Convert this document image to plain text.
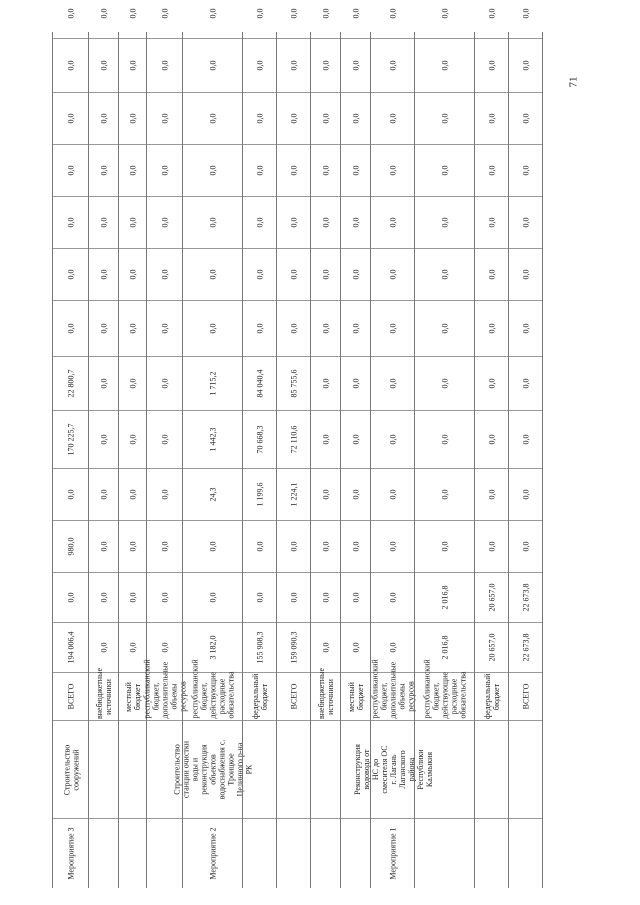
Мероприятие 3
Строительство сооружений
ВСЕГО
194 006,4
0,0
980,0
0,0
170 225,7
22 800,7
0,0
0,0
0,0
0,0
0,0
0,0
0,0
внебюджетные источники
0,0
0,0
0,0
0,0
0,0
0,0
0,0
0,0
0,0
0,0
0,0
0,0
0,0
местный бюджет
0,0
0,0
0,0
0,0
0,0
0,0
0,0
0,0
0,0
0,0
0,0
0,0
0,0
республиканский бюджет, дополнительные объемы ресурсов
0,0
0,0
0,0
0,0
0,0
0,0
0,0
0,0
0,0
0,0
0,0
0,0
0,0
Мероприятие 2
Строительство станции очистки воды и реконструкция объектов водоснабжения с. Троицкое Целинного р-на РК
республиканский бюджет, действующие расходные обязательства
3 182,0
0,0
0,0
24,3
1 442,3
1 715,2
0,0
0,0
0,0
0,0
0,0
0,0
0,0
федеральный бюджет
155 908,3
0,0
0,0
1 199,6
70 668,3
84 040,4
0,0
0,0
0,0
0,0
0,0
0,0
0,0
ВСЕГО
159 090,3
0,0
0,0
1 224,1
72 110,6
85 755,6
0,0
0,0
0,0
0,0
0,0
0,0
0,0
внебюджетные источники
0,0
0,0
0,0
0,0
0,0
0,0
0,0
0,0
0,0
0,0
0,0
0,0
0,0
местный бюджет
0,0
0,0
0,0
0,0
0,0
0,0
0,0
0,0
0,0
0,0
0,0
0,0
0,0
Мероприятие 1
Реконструкция водовода от НС до смесителя ОС г. Лагань Лаганского района Республики Калмыкия
республиканский бюджет, дополнительные объемы ресурсов
0,0
0,0
0,0
0,0
0,0
0,0
0,0
0,0
0,0
0,0
0,0
0,0
0,0
республиканский бюджет, действующие расходные обязательства
2 016,8
2 016,8
0,0
0,0
0,0
0,0
0,0
0,0
0,0
0,0
0,0
0,0
0,0
федеральный бюджет
20 657,0
20 657,0
0,0
0,0
0,0
0,0
0,0
0,0
0,0
0,0
0,0
0,0
0,0
ВСЕГО
22 673,8
22 673,8
0,0
0,0
0,0
0,0
0,0
0,0
0,0
0,0
0,0
0,0
0,0
71
